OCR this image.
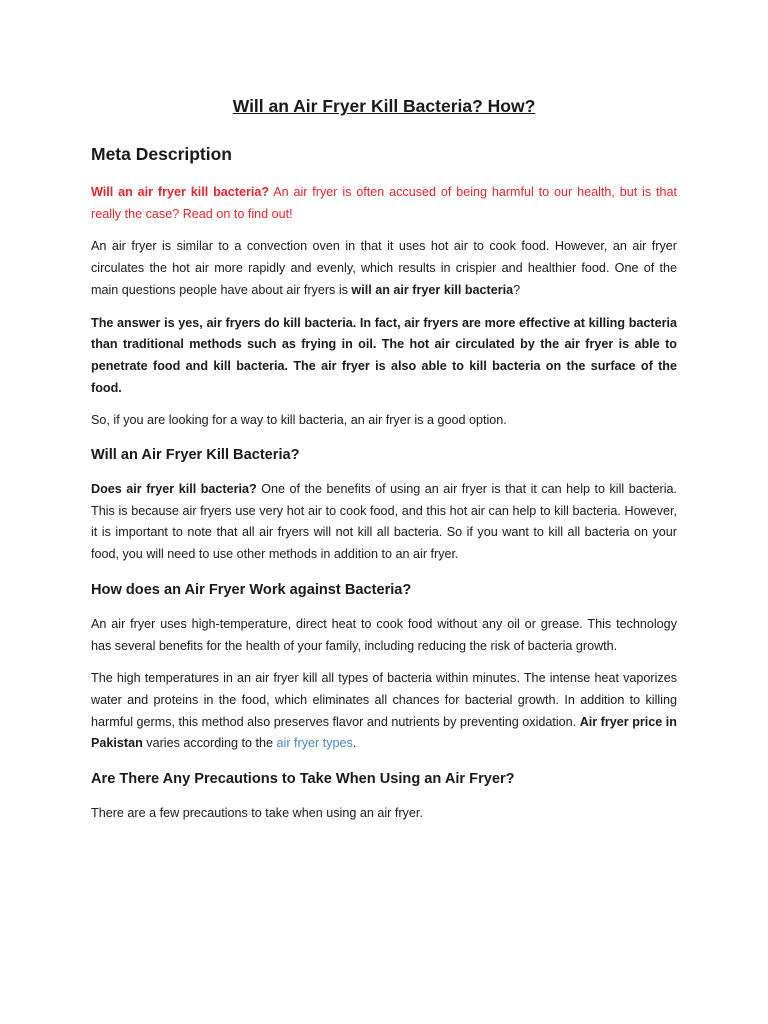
Will an Air Fryer Kill Bacteria? How?
Meta Description

Will an air fryer kill bacteria? An air fryer is often accused of being harmful to our health, but is that really the case? Read on to find out!

An air fryer is similar to a convection oven in that it uses hot air to cook food. However, an air fryer circulates the hot air more rapidly and evenly, which results in crispier and healthier food. One of the main questions people have about air fryers is will an air fryer kill bacteria?

The answer is yes, air fryers do kill bacteria. In fact, air fryers are more effective at killing bacteria than traditional methods such as frying in oil. The hot air circulated by the air fryer is able to penetrate food and kill bacteria. The air fryer is also able to kill bacteria on the surface of the food.

So, if you are looking for a way to kill bacteria, an air fryer is a good option.

Will an Air Fryer Kill Bacteria?

Does air fryer kill bacteria? One of the benefits of using an air fryer is that it can help to kill bacteria. This is because air fryers use very hot air to cook food, and this hot air can help to kill bacteria. However, it is important to note that all air fryers will not kill all bacteria. So if you want to kill all bacteria on your food, you will need to use other methods in addition to an air fryer.

How does an Air Fryer Work against Bacteria?

An air fryer uses high-temperature, direct heat to cook food without any oil or grease. This technology has several benefits for the health of your family, including reducing the risk of bacteria growth.

The high temperatures in an air fryer kill all types of bacteria within minutes. The intense heat vaporizes water and proteins in the food, which eliminates all chances for bacterial growth. In addition to killing harmful germs, this method also preserves flavor and nutrients by preventing oxidation. Air fryer price in Pakistan varies according to the air fryer types.

Are There Any Precautions to Take When Using an Air Fryer?

There are a few precautions to take when using an air fryer.
